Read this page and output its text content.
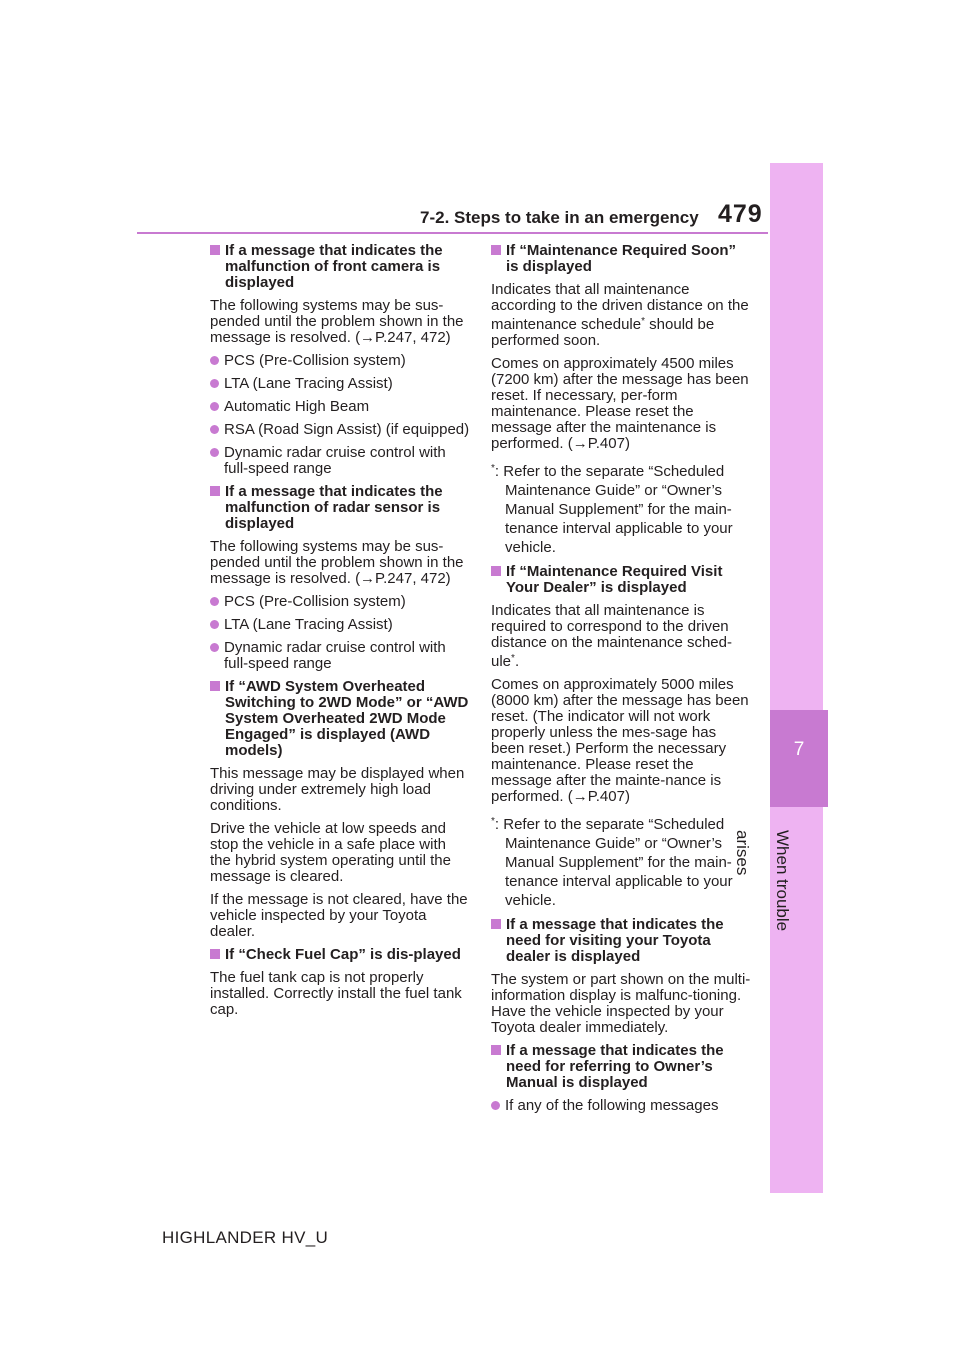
7
When trouble arises
7-2. Steps to take in an emergency 479
If a message that indicates the malfunction of front camera is displayed
The following systems may be sus-pended until the problem shown in the message is resolved. (→P.247, 472)
PCS (Pre-Collision system)
LTA (Lane Tracing Assist)
Automatic High Beam
RSA (Road Sign Assist) (if equipped)
Dynamic radar cruise control with full-speed range
If a message that indicates the malfunction of radar sensor is displayed
The following systems may be sus-pended until the problem shown in the message is resolved. (→P.247, 472)
PCS (Pre-Collision system)
LTA (Lane Tracing Assist)
Dynamic radar cruise control with full-speed range
If “AWD System Overheated Switching to 2WD Mode” or “AWD System Overheated 2WD Mode Engaged” is displayed (AWD models)
This message may be displayed when driving under extremely high load conditions.
Drive the vehicle at low speeds and stop the vehicle in a safe place with the hybrid system operating until the message is cleared.
If the message is not cleared, have the vehicle inspected by your Toyota dealer.
If “Check Fuel Cap” is dis-played
The fuel tank cap is not properly installed. Correctly install the fuel tank cap.
If “Maintenance Required Soon” is displayed
Indicates that all maintenance according to the driven distance on the maintenance schedule* should be performed soon.
Comes on approximately 4500 miles (7200 km) after the message has been reset. If necessary, per-form maintenance. Please reset the message after the maintenance is performed. (→P.407)
*: Refer to the separate “Scheduled Maintenance Guide” or “Owner’s Manual Supplement” for the main-tenance interval applicable to your vehicle.
If “Maintenance Required Visit Your Dealer” is displayed
Indicates that all maintenance is required to correspond to the driven distance on the maintenance sched-ule*.
Comes on approximately 5000 miles (8000 km) after the message has been reset. (The indicator will not work properly unless the mes-sage has been reset.) Perform the necessary maintenance. Please reset the message after the mainte-nance is performed. (→P.407)
*: Refer to the separate “Scheduled Maintenance Guide” or “Owner’s Manual Supplement” for the main-tenance interval applicable to your vehicle.
If a message that indicates the need for visiting your Toyota dealer is displayed
The system or part shown on the multi-information display is malfunc-tioning. Have the vehicle inspected by your Toyota dealer immediately.
If a message that indicates the need for referring to Owner’s Manual is displayed
If any of the following messages
HIGHLANDER HV_U
